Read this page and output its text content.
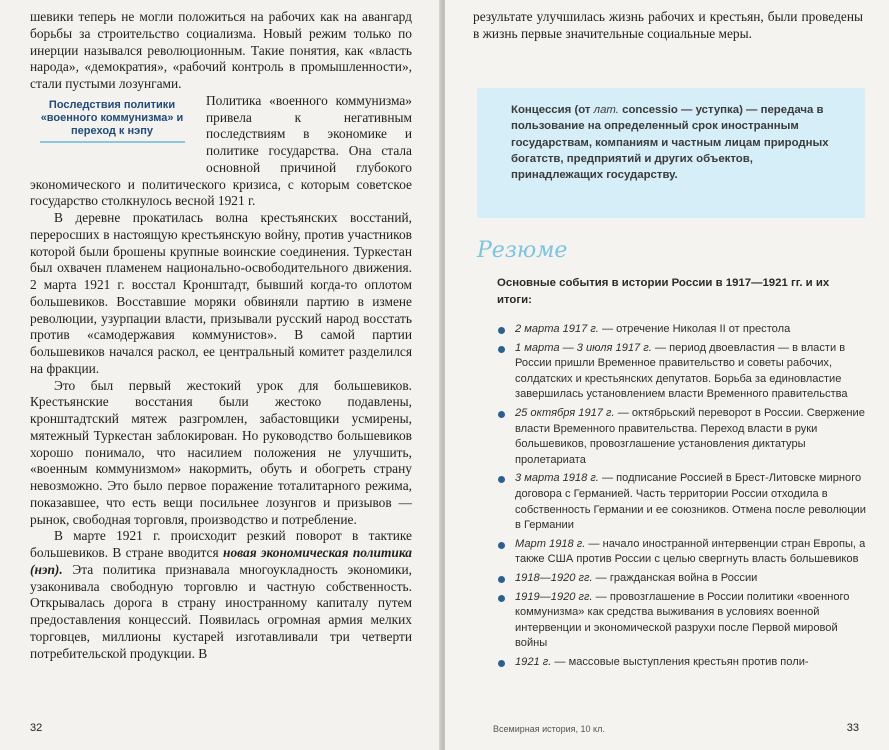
шевики теперь не могли положиться на рабочих как на авангард борьбы за строительство социализма. Новый режим только по инерции назывался революционным. Такие понятия, как «власть народа», «демократия», «рабочий контроль в промышленности», стали пустыми лозунгами.

Последствия политики «военного коммунизма» и переход к нэпу

Политика «военного коммунизма» привела к негативным последствиям в экономике и политике государства. Она стала основной причиной глубокого экономического и политического кризиса, с которым советское государство столкнулось весной 1921 г.

В деревне прокатилась волна крестьянских восстаний, переросших в настоящую крестьянскую войну, против участников которой были брошены крупные воинские соединения. Туркестан был охвачен пламенем национально-освободительного движения. 2 марта 1921 г. восстал Кронштадт, бывший когда-то оплотом большевиков. Восставшие моряки обвиняли партию в измене революции, узурпации власти, призывали русский народ восстать против «самодержавия коммунистов». В самой партии большевиков начался раскол, ее центральный комитет разделился на фракции.

Это был первый жестокий урок для большевиков. Крестьянские восстания были жестоко подавлены, кронштадтский мятеж разгромлен, забастовщики усмирены, мятежный Туркестан заблокирован. Но руководство большевиков хорошо понимало, что насилием положения не улучшить, «военным коммунизмом» накормить, обуть и обогреть страну невозможно. Это было первое поражение тоталитарного режима, показавшее, что есть вещи посильнее лозунгов и призывов — рынок, свободная торговля, производство и потребление.

В марте 1921 г. происходит резкий поворот в тактике большевиков. В стране вводится новая экономическая политика (нэп). Эта политика признавала многоукладность экономики, узаконивала свободную торговлю и частную собственность. Открывалась дорога в страну иностранному капиталу путем предоставления концессий. Появилась огромная армия мелких торговцев, миллионы кустарей изготавливали три четверти потребительской продукции. В

32
результате улучшилась жизнь рабочих и крестьян, были проведены в жизнь первые значительные социальные меры.
Концессия (от лат. concessio — уступка) — передача в пользование на определенный срок иностранным государствам, компаниям и частным лицам природных богатств, предприятий и других объектов, принадлежащих государству.
Резюме
Основные события в истории России в 1917—1921 гг. и их итоги:
2 марта 1917 г. — отречение Николая II от престола
1 марта — 3 июля 1917 г. — период двоевластия — в власти в России пришли Временное правительство и советы рабочих, солдатских и крестьянских депутатов. Борьба за единовластие завершилась установлением власти Временного правительства
25 октября 1917 г. — октябрьский переворот в России. Свержение власти Временного правительства. Переход власти в руки большевиков, провозглашение установления диктатуры пролетариата
3 марта 1918 г. — подписание Россией в Брест-Литовске мирного договора с Германией. Часть территории России отходила в собственность Германии и ее союзников. Отмена после революции в Германии
Март 1918 г. — начало иностранной интервенции стран Европы, а также США против России с целью свергнуть власть большевиков
1918—1920 гг. — гражданская война в России
1919—1920 гг. — провозглашение в России политики «военного коммунизма» как средства выживания в условиях военной интервенции и экономической разрухи после Первой мировой войны
1921 г. — массовые выступления крестьян против поли-
Всемирная история, 10 кл.	33
